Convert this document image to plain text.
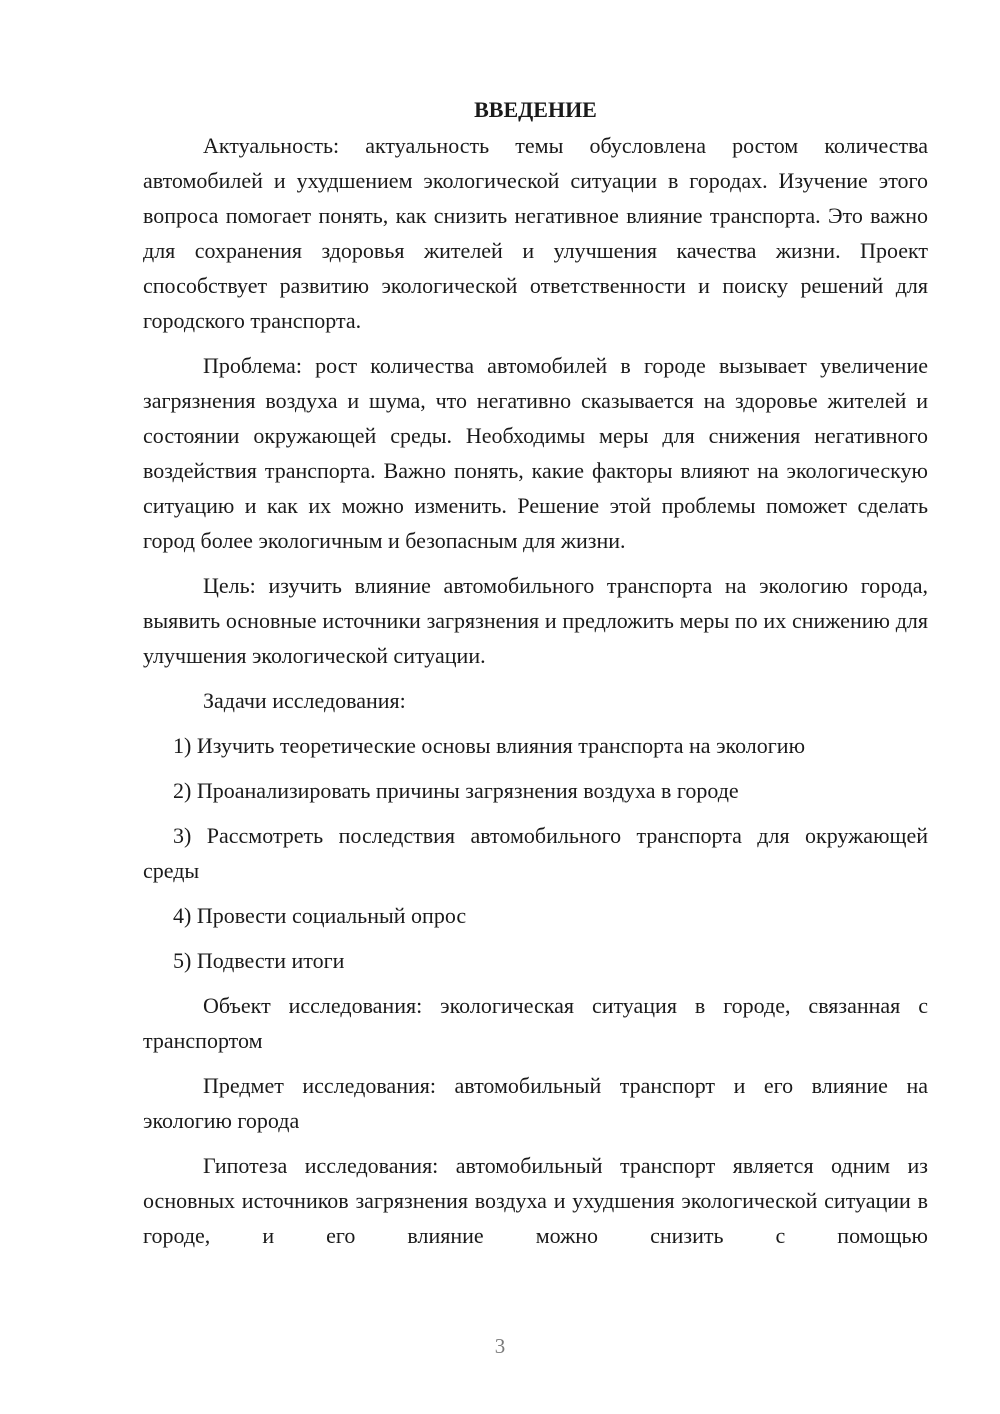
ВВЕДЕНИЕ

Актуальность: актуальность темы обусловлена ростом количества автомобилей и ухудшением экологической ситуации в городах. Изучение этого вопроса помогает понять, как снизить негативное влияние транспорта. Это важно для сохранения здоровья жителей и улучшения качества жизни. Проект способствует развитию экологической ответственности и поиску решений для городского транспорта.

Проблема: рост количества автомобилей в городе вызывает увеличение загрязнения воздуха и шума, что негативно сказывается на здоровье жителей и состоянии окружающей среды. Необходимы меры для снижения негативного воздействия транспорта. Важно понять, какие факторы влияют на экологическую ситуацию и как их можно изменить. Решение этой проблемы поможет сделать город более экологичным и безопасным для жизни.

Цель: изучить влияние автомобильного транспорта на экологию города, выявить основные источники загрязнения и предложить меры по их снижению для улучшения экологической ситуации.

Задачи исследования:

1) Изучить теоретические основы влияния транспорта на экологию

2) Проанализировать причины загрязнения воздуха в городе

3) Рассмотреть последствия автомобильного транспорта для окружающей среды

4) Провести социальный опрос

5) Подвести итоги

Объект исследования: экологическая ситуация в городе, связанная с транспортом

Предмет исследования: автомобильный транспорт и его влияние на экологию города

Гипотеза исследования: автомобильный транспорт является одним из основных источников загрязнения воздуха и ухудшения экологической ситуации в городе, и его влияние можно снизить с помощью

3
